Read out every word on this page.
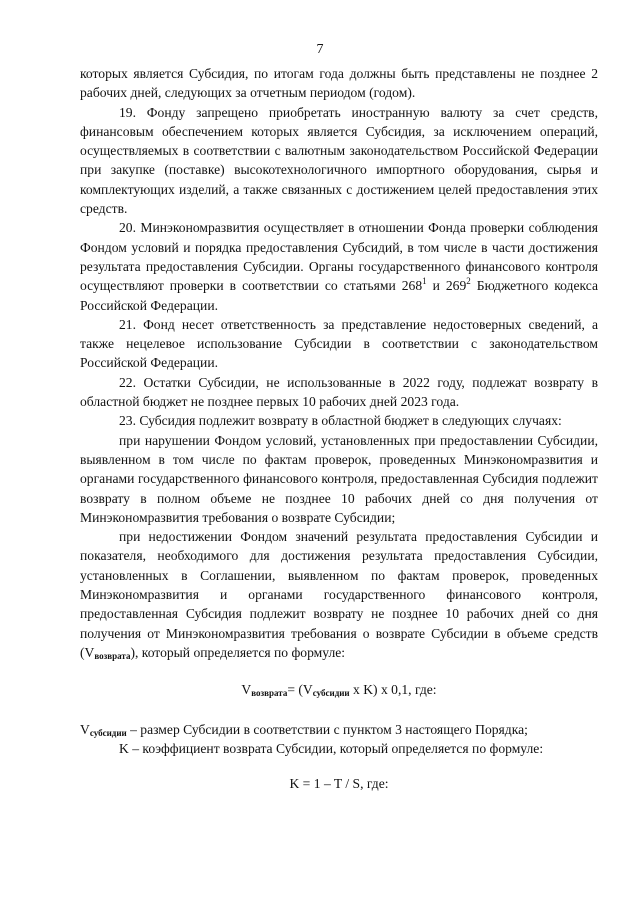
7

которых является Субсидия, по итогам года должны быть представлены не позднее 2 рабочих дней, следующих за отчетным периодом (годом).

19. Фонду запрещено приобретать иностранную валюту за счет средств, финансовым обеспечением которых является Субсидия, за исключением операций, осуществляемых в соответствии с валютным законодательством Российской Федерации при закупке (поставке) высокотехнологичного импортного оборудования, сырья и комплектующих изделий, а также связанных с достижением целей предоставления этих средств.

20. Минэкономразвития осуществляет в отношении Фонда проверки соблюдения Фондом условий и порядка предоставления Субсидий, в том числе в части достижения результата предоставления Субсидии. Органы государственного финансового контроля осуществляют проверки в соответствии со статьями $268^1$ и $269^2$ Бюджетного кодекса Российской Федерации.

21. Фонд несет ответственность за представление недостоверных сведений, а также нецелевое использование Субсидии в соответствии с законодательством Российской Федерации.

22. Остатки Субсидии, не использованные в 2022 году, подлежат возврату в областной бюджет не позднее первых 10 рабочих дней 2023 года.

23. Субсидия подлежит возврату в областной бюджет в следующих случаях:

при нарушении Фондом условий, установленных при предоставлении Субсидии, выявленном в том числе по фактам проверок, проведенных Минэкономразвития и органами государственного финансового контроля, предоставленная Субсидия подлежит возврату в полном объеме не позднее 10 рабочих дней со дня получения от Минэкономразвития требования о возврате Субсидии;

при недостижении Фондом значений результата предоставления Субсидии и показателя, необходимого для достижения результата предоставления Субсидии, установленных в Соглашении, выявленном по фактам проверок, проведенных Минэкономразвития и органами государственного финансового контроля, предоставленная Субсидия подлежит возврату не позднее 10 рабочих дней со дня получения от Минэкономразвития требования о возврате Субсидии в объеме средств $(V_{возврата})$, который определяется по формуле:

$V_{возврата}= (V_{субсидии}$ x K) x 0,1, где:

$V_{субсидии}$ – размер Субсидии в соответствии с пунктом 3 настоящего Порядка;

K – коэффициент возврата Субсидии, который определяется по формуле:

K = 1 – T / S, где:
